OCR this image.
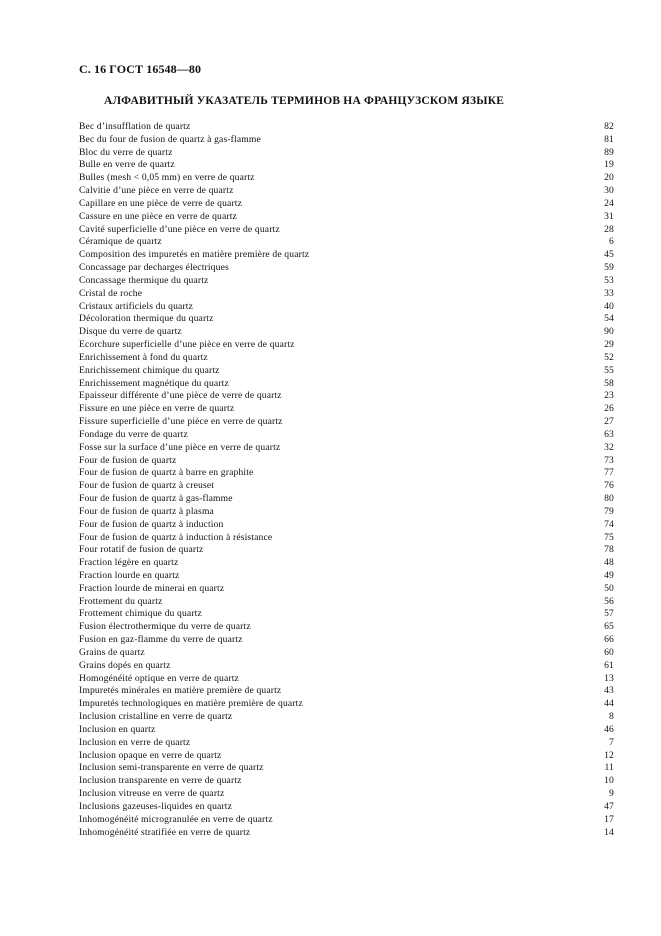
С. 16 ГОСТ 16548—80
АЛФАВИТНЫЙ УКАЗАТЕЛЬ ТЕРМИНОВ НА ФРАНЦУЗСКОМ ЯЗЫКЕ
Bec d’insufflation de quartz	82
Bec du four de fusion de quartz à gas-flamme	81
Bloc du verre de quartz	89
Bulle en verre de quartz	19
Bulles (mesh < 0,05 mm) en verre de quartz	20
Calvitie d’une pièce en verre de quartz	30
Capillare en une pièce de verre de quartz	24
Cassure en une pièce en verre de quartz	31
Cavité superficielle d’une pièce en verre de quartz	28
Céramique de quartz	6
Composition des impuretés en matière première de quartz	45
Concassage par decharges électriques	59
Concassage thermique du quartz	53
Cristal de roche	33
Cristaux artificiels du quartz	40
Décoloration thermique du quartz	54
Disque du verre de quartz	90
Ecorchure superficielle d’une pièce en verre de quartz	29
Enrichissement à fond du quartz	52
Enrichissement chimique du quartz	55
Enrichissement magnétique du quartz	58
Epaisseur différente d’une pièce de verre de quartz	23
Fissure en une pièce en verre de quartz	26
Fissure superficielle d’une pièce en verre de quartz	27
Fondage du verre de quartz	63
Fosse sur la surface d’une pièce en verre de quartz	32
Four de fusion de quartz	73
Four de fusion de quartz à barre en graphite	77
Four de fusion de quartz à creuset	76
Four de fusion de quartz à gas-flamme	80
Four de fusion de quartz à plasma	79
Four de fusion de quartz à induction	74
Four de fusion de quartz à induction à résistance	75
Four rotatif de fusion de quartz	78
Fraction légère en quartz	48
Fraction lourde en quartz	49
Fraction lourde de minerai en quartz	50
Frottement du quartz	56
Frottement chimique du quartz	57
Fusion électrothermique du verre de quartz	65
Fusion en gaz-flamme du verre de quartz	66
Grains de quartz	60
Grains dopés en quartz	61
Homogénéité optique en verre de quartz	13
Impuretés minérales en matière première de quartz	43
Impuretés technologiques en matière première de quartz	44
Inclusion cristalline en verre de quartz	8
Inclusion en quartz	46
Inclusion en verre de quartz	7
Inclusion opaque en verre de quartz	12
Inclusion semi-transparente en verre de quartz	11
Inclusion transparente en verre de quartz	10
Inclusion vitreuse en verre de quartz	9
Inclusions gazeuses-liquides en quartz	47
Inhomogénéité microgranulée en verre de quartz	17
Inhomogénéité stratifiée en verre de quartz	14
